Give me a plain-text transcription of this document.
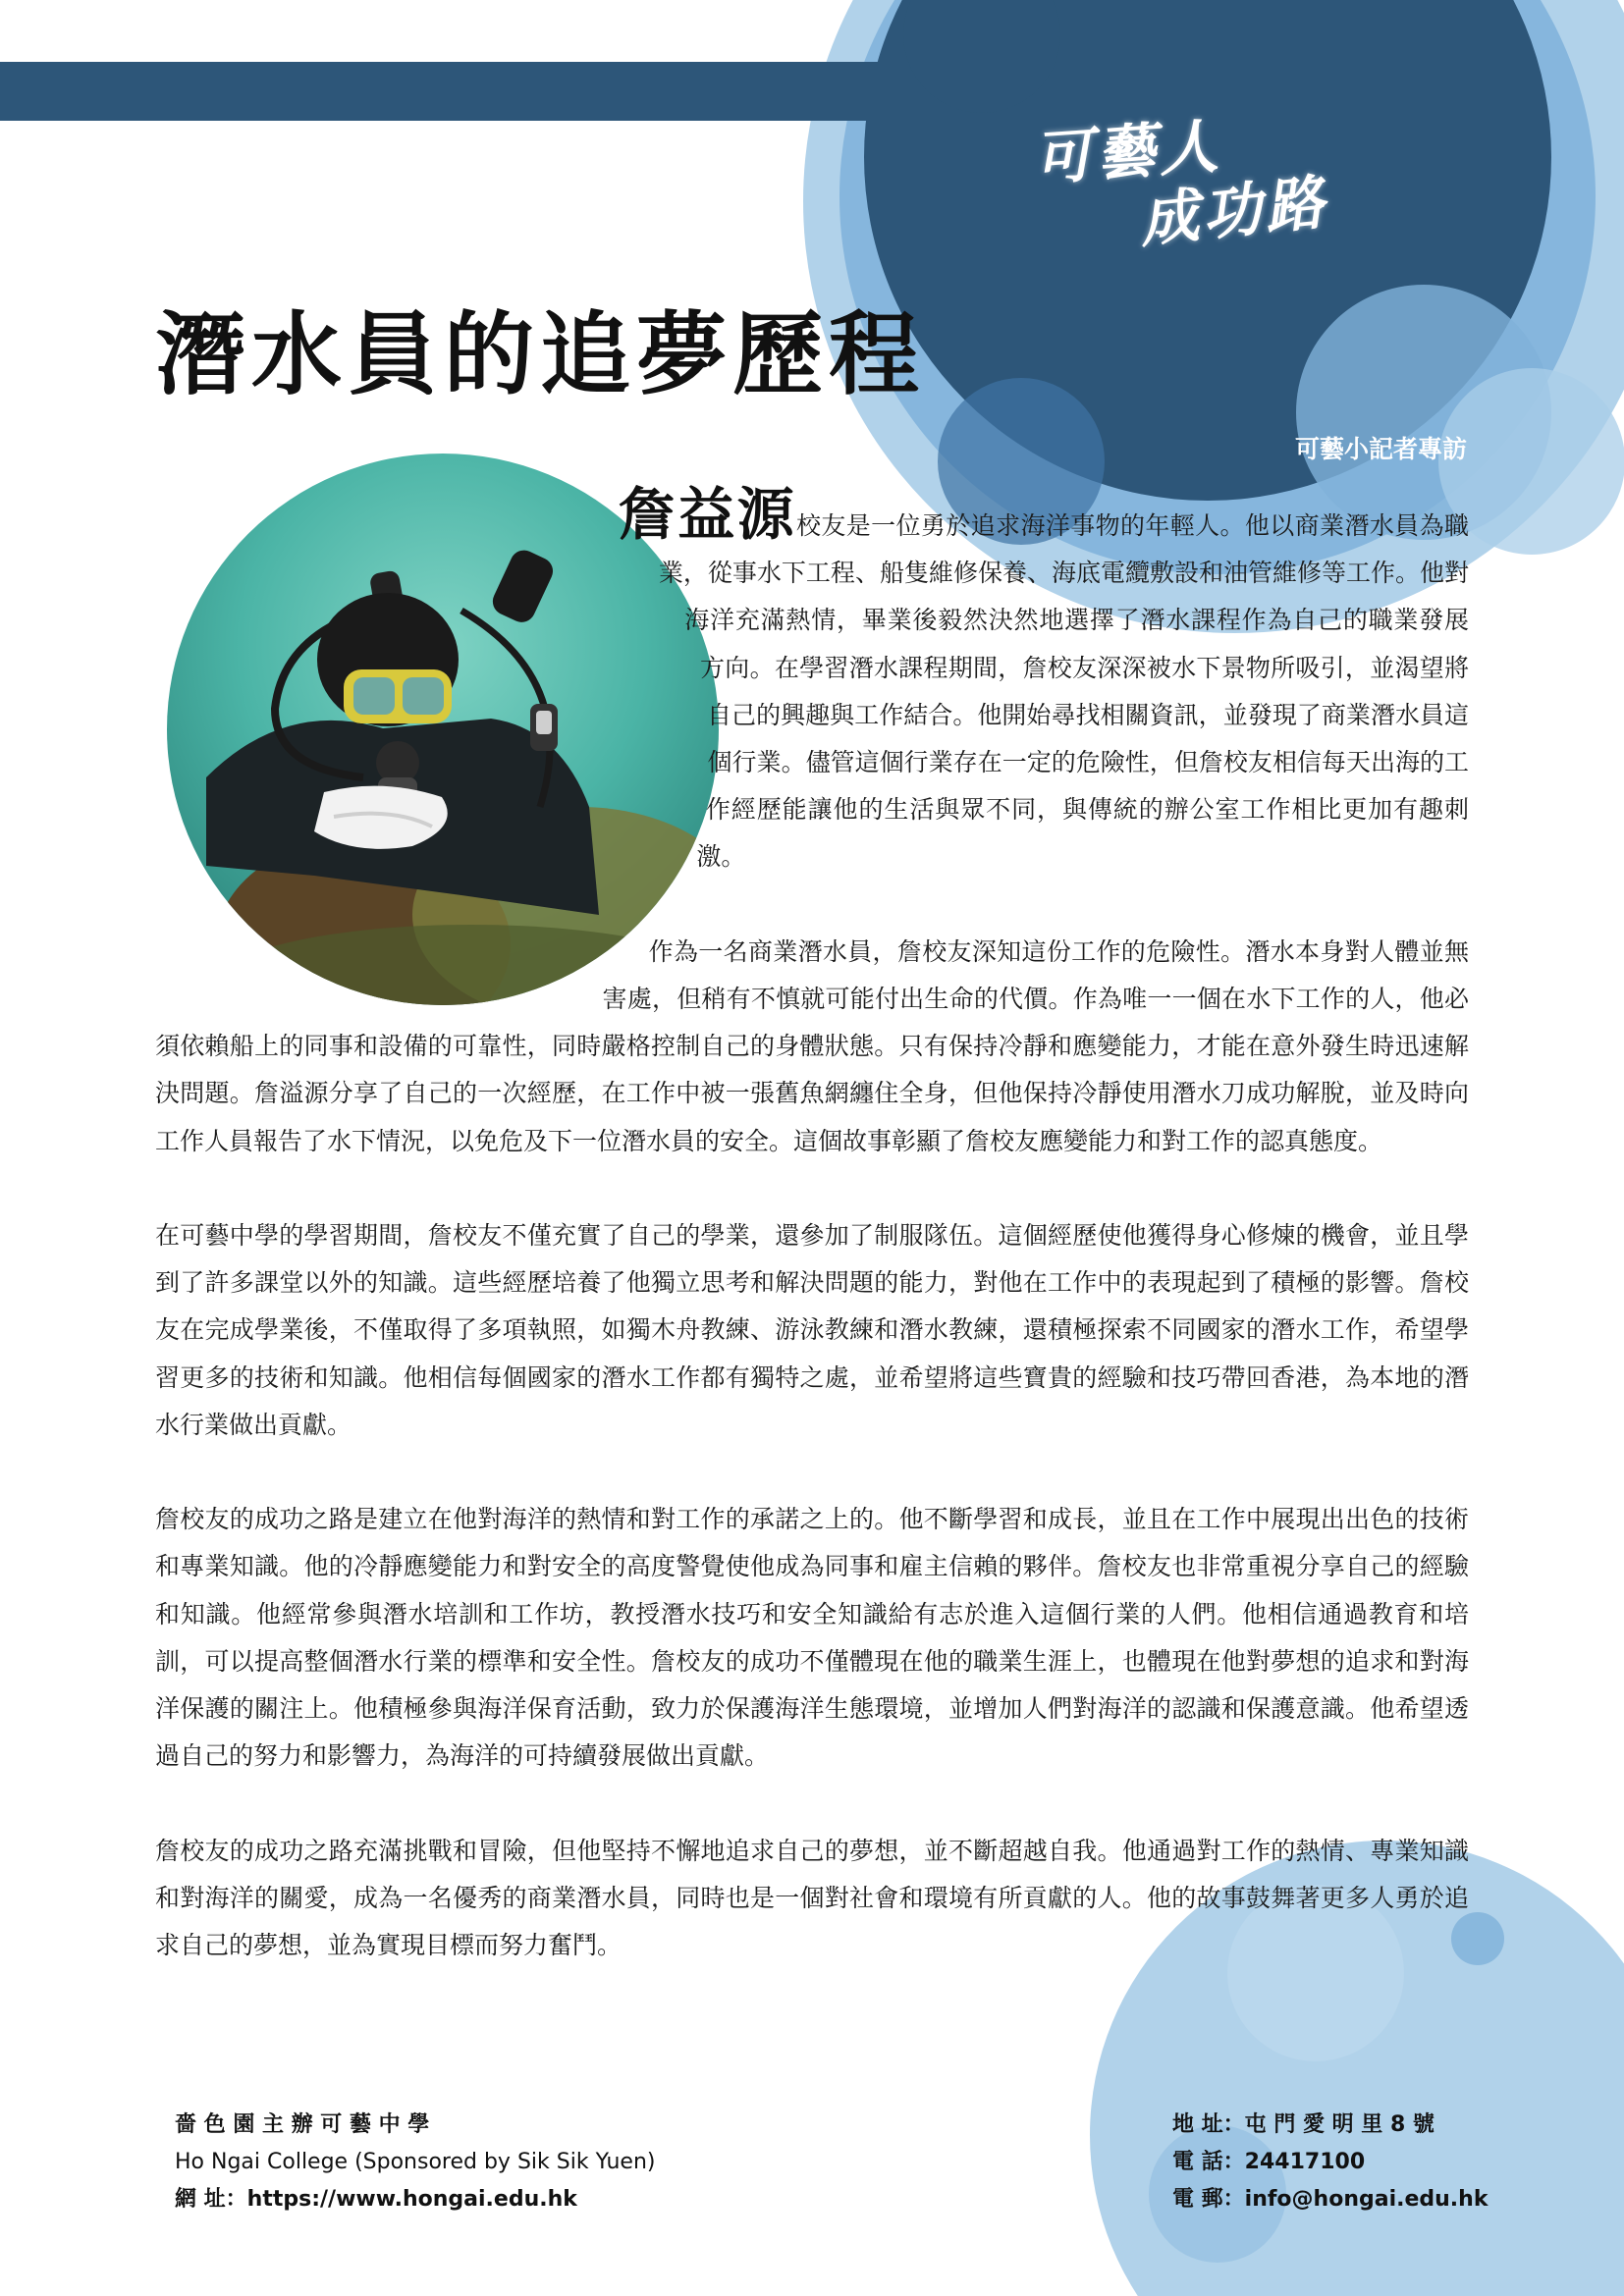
可藝人
成功路
潛水員的追夢歷程
可藝小記者專訪

詹益源校友是一位勇於追求海洋事物的年輕人。他以商業潛水員為職業，從事水下工程、船隻維修保養、海底電纜敷設和油管維修等工作。他對海洋充滿熱情，畢業後毅然決然地選擇了潛水課程作為自己的職業發展方向。在學習潛水課程期間，詹校友深深被水下景物所吸引，並渴望將自己的興趣與工作結合。他開始尋找相關資訊，並發現了商業潛水員這個行業。儘管這個行業存在一定的危險性，但詹校友相信每天出海的工作經歷能讓他的生活與眾不同，與傳統的辦公室工作相比更加有趣刺激。

作為一名商業潛水員，詹校友深知這份工作的危險性。潛水本身對人體並無害處，但稍有不慎就可能付出生命的代價。作為唯一一個在水下工作的人，他必須依賴船上的同事和設備的可靠性，同時嚴格控制自己的身體狀態。只有保持冷靜和應變能力，才能在意外發生時迅速解決問題。詹溢源分享了自己的一次經歷，在工作中被一張舊魚網纏住全身，但他保持冷靜使用潛水刀成功解脫，並及時向工作人員報告了水下情況，以免危及下一位潛水員的安全。這個故事彰顯了詹校友應變能力和對工作的認真態度。

在可藝中學的學習期間，詹校友不僅充實了自己的學業，還參加了制服隊伍。這個經歷使他獲得身心修煉的機會，並且學到了許多課堂以外的知識。這些經歷培養了他獨立思考和解決問題的能力，對他在工作中的表現起到了積極的影響。詹校友在完成學業後，不僅取得了多項執照，如獨木舟教練、游泳教練和潛水教練，還積極探索不同國家的潛水工作，希望學習更多的技術和知識。他相信每個國家的潛水工作都有獨特之處，並希望將這些寶貴的經驗和技巧帶回香港，為本地的潛水行業做出貢獻。

詹校友的成功之路是建立在他對海洋的熱情和對工作的承諾之上的。他不斷學習和成長，並且在工作中展現出出色的技術和專業知識。他的冷靜應變能力和對安全的高度警覺使他成為同事和雇主信賴的夥伴。詹校友也非常重視分享自己的經驗和知識。他經常參與潛水培訓和工作坊，教授潛水技巧和安全知識給有志於進入這個行業的人們。他相信通過教育和培訓，可以提高整個潛水行業的標準和安全性。詹校友的成功不僅體現在他的職業生涯上，也體現在他對夢想的追求和對海洋保護的關注上。他積極參與海洋保育活動，致力於保護海洋生態環境，並增加人們對海洋的認識和保護意識。他希望透過自己的努力和影響力，為海洋的可持續發展做出貢獻。

詹校友的成功之路充滿挑戰和冒險，但他堅持不懈地追求自己的夢想，並不斷超越自我。他通過對工作的熱情、專業知識和對海洋的關愛，成為一名優秀的商業潛水員，同時也是一個對社會和環境有所貢獻的人。他的故事鼓舞著更多人勇於追求自己的夢想，並為實現目標而努力奮鬥。

嗇 色 園 主 辦 可 藝 中 學
Ho Ngai College (Sponsored by Sik Sik Yuen)
網 址：https://www.hongai.edu.hk
地 址：屯 門 愛 明 里 8 號
電 話：24417100
電 郵：info@hongai.edu.hk
